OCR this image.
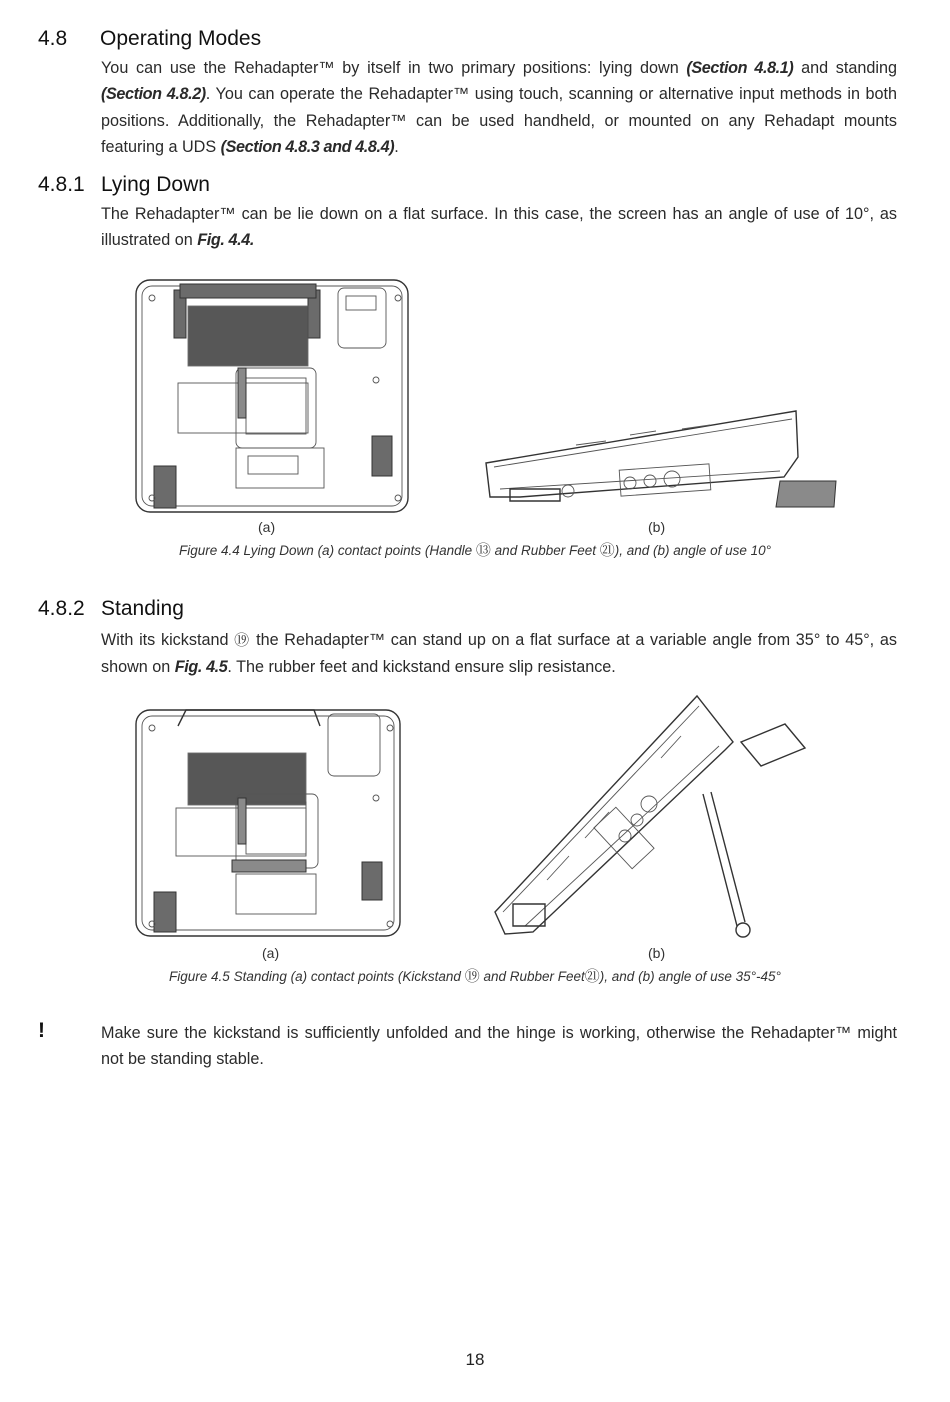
4.8 Operating Modes
You can use the Rehadapter™ by itself in two primary positions: lying down (Section 4.8.1) and standing (Section 4.8.2). You can operate the Rehadapter™ using touch, scanning or alternative input methods in both positions. Additionally, the Rehadapter™ can be used handheld, or mounted on any Rehadapt mounts featuring a UDS (Section 4.8.3 and 4.8.4).
4.8.1 Lying Down
The Rehadapter™ can be lie down on a flat surface. In this case, the screen has an angle of use of 10°, as illustrated on Fig. 4.4.
(a)	(b)
Figure 4.4 Lying Down (a) contact points (Handle ⑬ and Rubber Feet ㉑), and (b) angle of use 10°
4.8.2 Standing
With its kickstand ⑲ the Rehadapter™ can stand up on a flat surface at a variable angle from 35° to 45°, as shown on Fig. 4.5. The rubber feet and kickstand ensure slip resistance.
(a)	(b)
Figure 4.5 Standing (a) contact points (Kickstand ⑲ and Rubber Feet㉑), and (b) angle of use 35°-45°
!	Make sure the kickstand is sufficiently unfolded and the hinge is working, otherwise the Rehadapter™ might not be standing stable.
18
